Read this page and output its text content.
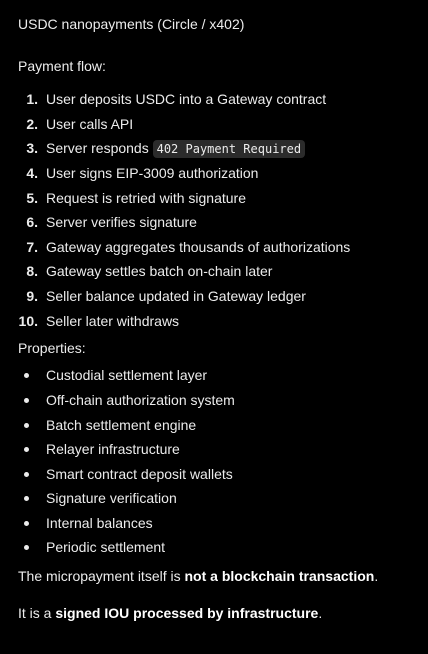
USDC nanopayments (Circle / x402)
Payment flow:
1. User deposits USDC into a Gateway contract
2. User calls API
3. Server responds 402 Payment Required
4. User signs EIP-3009 authorization
5. Request is retried with signature
6. Server verifies signature
7. Gateway aggregates thousands of authorizations
8. Gateway settles batch on-chain later
9. Seller balance updated in Gateway ledger
10. Seller later withdraws
Properties:
Custodial settlement layer
Off-chain authorization system
Batch settlement engine
Relayer infrastructure
Smart contract deposit wallets
Signature verification
Internal balances
Periodic settlement

The micropayment itself is not a blockchain transaction.

It is a signed IOU processed by infrastructure.
